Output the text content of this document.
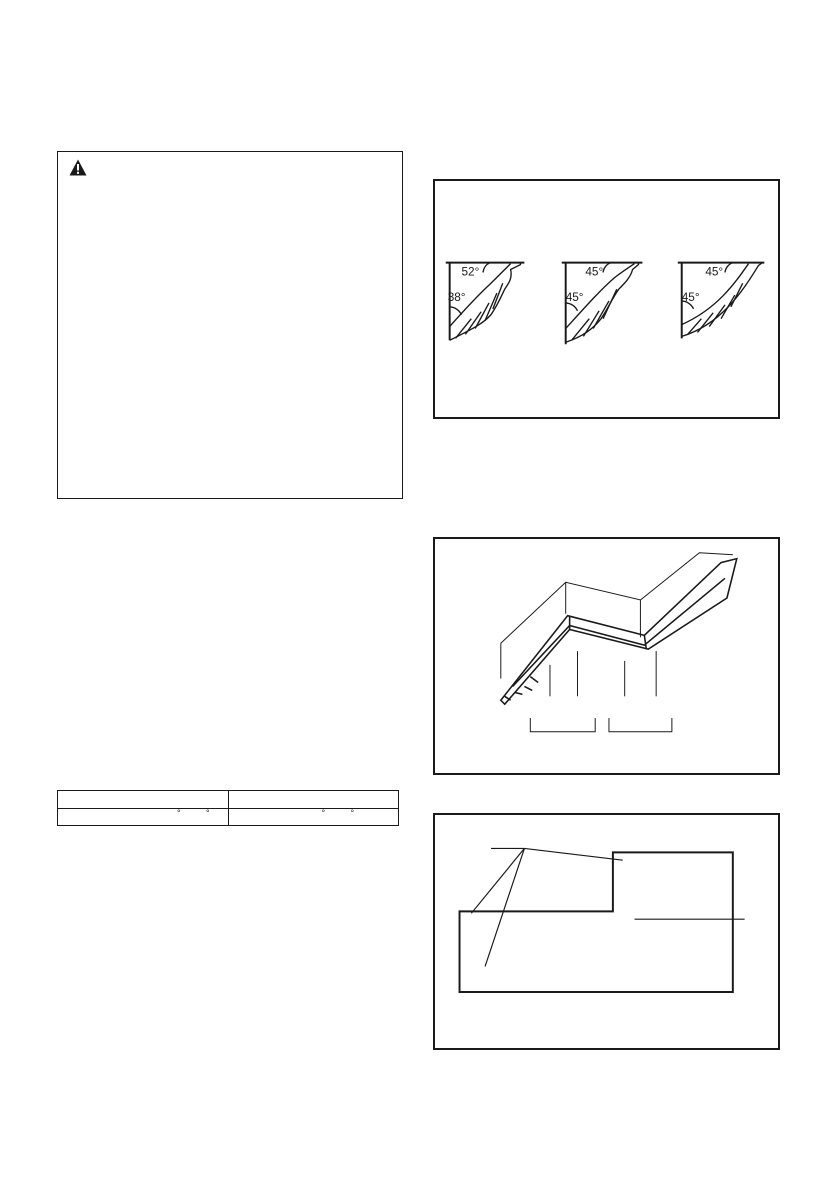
° °	° °
52°
38°
45°
45°
45°
45°
